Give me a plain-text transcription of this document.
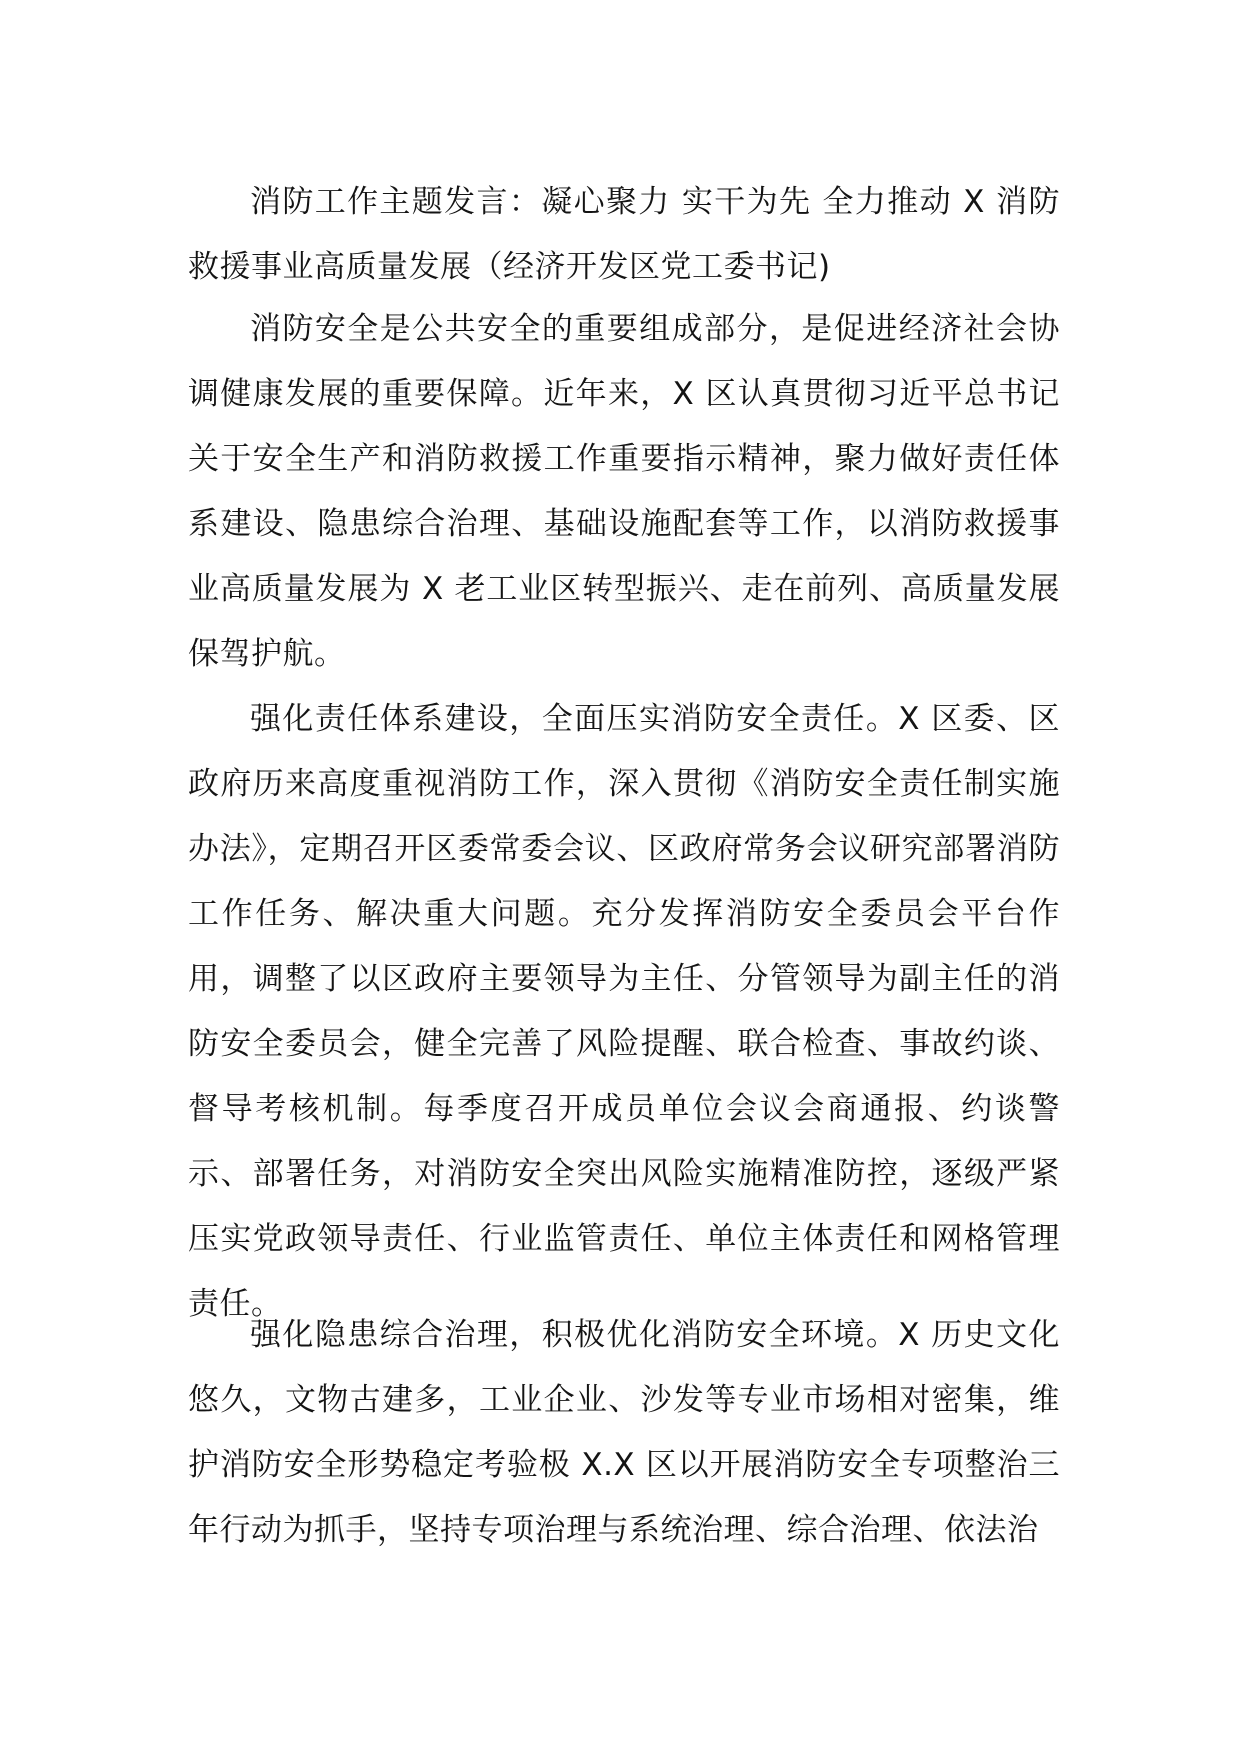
消防工作主题发言：凝心聚力 实干为先 全力推动 X 消防救援事业高质量发展（经济开发区党工委书记)

消防安全是公共安全的重要组成部分，是促进经济社会协调健康发展的重要保障。近年来，X 区认真贯彻习近平总书记关于安全生产和消防救援工作重要指示精神，聚力做好责任体系建设、隐患综合治理、基础设施配套等工作，以消防救援事业高质量发展为 X 老工业区转型振兴、走在前列、高质量发展保驾护航。

强化责任体系建设，全面压实消防安全责任。X 区委、区政府历来高度重视消防工作，深入贯彻《消防安全责任制实施办法》，定期召开区委常委会议、区政府常务会议研究部署消防工作任务、解决重大问题。充分发挥消防安全委员会平台作用，调整了以区政府主要领导为主任、分管领导为副主任的消防安全委员会，健全完善了风险提醒、联合检查、事故约谈、督导考核机制。每季度召开成员单位会议会商通报、约谈警示、部署任务，对消防安全突出风险实施精准防控，逐级严紧压实党政领导责任、行业监管责任、单位主体责任和网格管理责任。

强化隐患综合治理，积极优化消防安全环境。X 历史文化悠久，文物古建多，工业企业、沙发等专业市场相对密集，维护消防安全形势稳定考验极 X.X 区以开展消防安全专项整治三年行动为抓手，坚持专项治理与系统治理、综合治理、依法治
